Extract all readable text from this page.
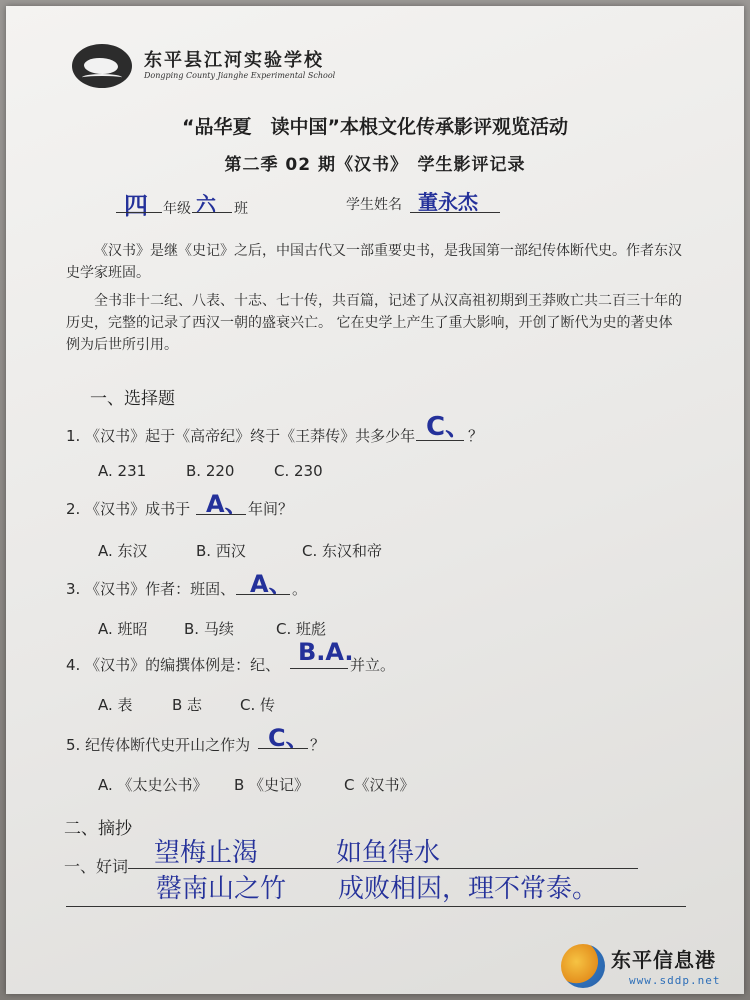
东平县江河实验学校
Dongping County Jianghe Experimental School
“品华夏　读中国”本根文化传承影评观览活动
第二季 02 期《汉书》　学生影评记录
四 年级 六 班	学生姓名 董永杰
《汉书》是继《史记》之后，中国古代又一部重要史书，是我国第一部纪传体断代史。作者东汉史学家班固。
全书非十二纪、八表、十志、七十传，共百篇，记述了从汉高祖初期到王莽败亡共二百三十年的历史，完整的记录了西汉一朝的盛衰兴亡。 它在史学上产生了重大影响，开创了断代为史的著史体例为后世所引用。
一、选择题
1. 《汉书》起于《高帝纪》终于《王莽传》共多少年 C、
？
A. 231	B. 220	C. 230
2. 《汉书》成书于 A、 年间？
A. 东汉	B. 西汉	C. 东汉和帝
3. 《汉书》作者：班固、 A、 。
A. 班昭 B. 马续	C. 班彪
4. 《汉书》的编撰体例是：纪、 B.A.
并立。
A. 表	B 志	C. 传
5. 纪传体断代史开山之作为 C、 ？
A. 《太史公书》 B 《史记》 C《汉书》
二、摘抄
一、好词 望梅止渴	如鱼得水
罄南山之竹 成败相因，理不常泰。
东平信息港
www.sddp.net
